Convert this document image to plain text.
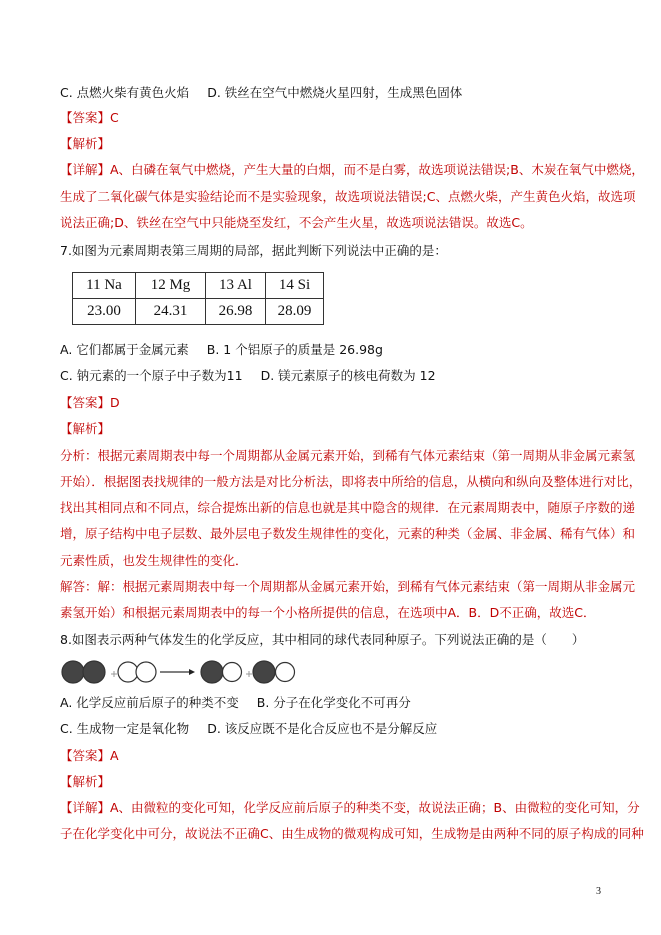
C. 点燃火柴有黄色火焰 D. 铁丝在空气中燃烧火星四射，生成黑色固体
【答案】C
【解析】
【详解】A、白磷在氧气中燃烧，产生大量的白烟，而不是白雾，故选项说法错误;B、木炭在氧气中燃烧，
生成了二氧化碳气体是实验结论而不是实验现象，故选项说法错误;C、点燃火柴，产生黄色火焰，故选项
说法正确;D、铁丝在空气中只能烧至发红，不会产生火星，故选项说法错误。故选C。
7.如图为元素周期表第三周期的局部，据此判断下列说法中正确的是：
11 Na	12 Mg	13 Al	14 Si
23.00	24.31	26.98	28.09
A. 它们都属于金属元素 B. 1 个铝原子的质量是 26.98g
C. 钠元素的一个原子中子数为11 D. 镁元素原子的核电荷数为 12
【答案】D
【解析】
分析：根据元素周期表中每一个周期都从金属元素开始，到稀有气体元素结束（第一周期从非金属元素氢
开始）．根据图表找规律的一般方法是对比分析法，即将表中所给的信息，从横向和纵向及整体进行对比，
找出其相同点和不同点，综合提炼出新的信息也就是其中隐含的规律．在元素周期表中，随原子序数的递
增，原子结构中电子层数、最外层电子数发生规律性的变化，元素的种类（金属、非金属、稀有气体）和
元素性质，也发生规律性的变化．
解答：解：根据元素周期表中每一个周期都从金属元素开始，到稀有气体元素结束（第一周期从非金属元
素氢开始）和根据元素周期表中的每一个小格所提供的信息，在选项中A．B．D不正确，故选C．
8.如图表示两种气体发生的化学反应，其中相同的球代表同种原子。下列说法正确的是（　　）
A. 化学反应前后原子的种类不变 B. 分子在化学变化不可再分
C. 生成物一定是氧化物 D. 该反应既不是化合反应也不是分解反应
【答案】A
【解析】
【详解】A、由微粒的变化可知，化学反应前后原子的种类不变，故说法正确；B、由微粒的变化可知，分
子在化学变化中可分，故说法不正确C、由生成物的微观构成可知，生成物是由两种不同的原子构成的同种
3
